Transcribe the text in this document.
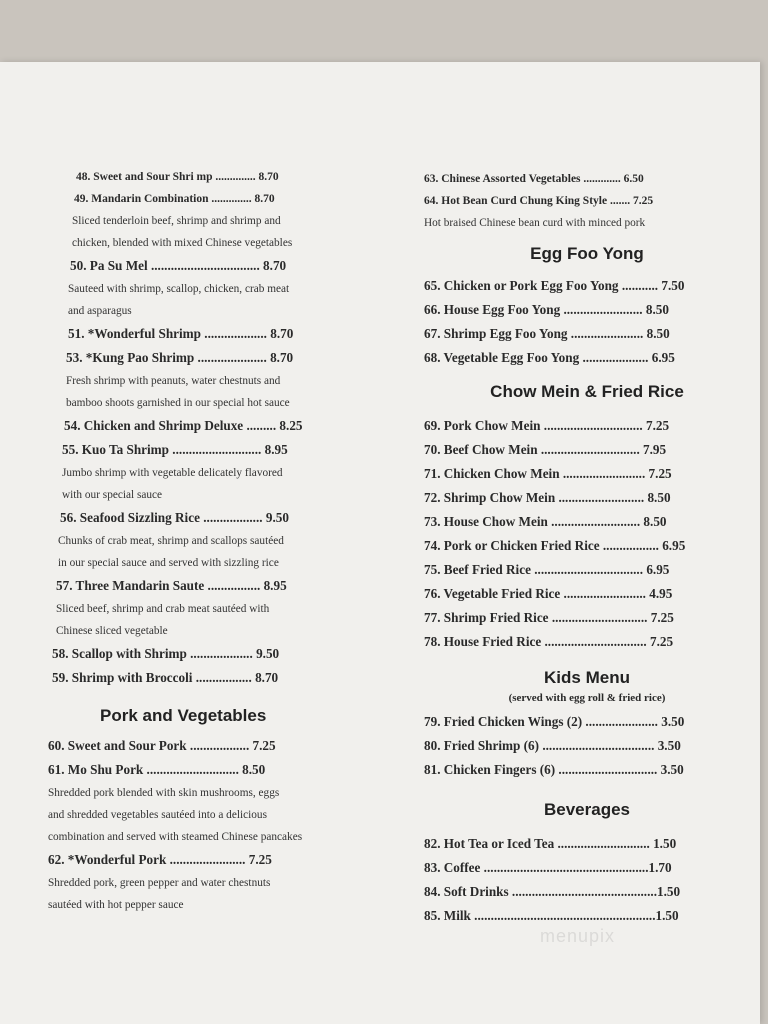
48. Sweet and Sour Shri mp .............. 8.70
49. Mandarin Combination .............. 8.70
Sliced tenderloin beef, shrimp and shrimp and
chicken, blended with mixed Chinese vegetables
50. Pa Su Mel ................................. 8.70
Sauteed with shrimp, scallop, chicken, crab meat
and asparagus
51. *Wonderful Shrimp ................... 8.70
53. *Kung Pao Shrimp ..................... 8.70
Fresh shrimp with peanuts, water chestnuts and
bamboo shoots garnished in our special hot sauce
54. Chicken and Shrimp Deluxe ......... 8.25
55. Kuo Ta Shrimp ........................... 8.95
Jumbo shrimp with vegetable delicately flavored
with our special sauce
56. Seafood Sizzling Rice .................. 9.50
Chunks of crab meat, shrimp and scallops sautéed
in our special sauce and served with sizzling rice
57. Three Mandarin Saute ................ 8.95
Sliced beef, shrimp and crab meat sautéed with
Chinese sliced vegetable
58. Scallop with Shrimp ................... 9.50
59. Shrimp with Broccoli ................. 8.70
Pork and Vegetables
60. Sweet and Sour Pork .................. 7.25
61. Mo Shu Pork ............................ 8.50
Shredded pork blended with skin mushrooms, eggs
and shredded vegetables sautéed into a delicious
combination and served with steamed Chinese pancakes
62. *Wonderful Pork ....................... 7.25
Shredded pork, green pepper and water chestnuts
sautéed with hot pepper sauce
63. Chinese Assorted Vegetables ............. 6.50
64. Hot Bean Curd Chung King Style ....... 7.25
Hot braised Chinese bean curd with minced pork
Egg Foo Yong
65. Chicken or Pork Egg Foo Yong ........... 7.50
66. House Egg Foo Yong ........................ 8.50
67. Shrimp Egg Foo Yong ...................... 8.50
68. Vegetable Egg Foo Yong .................... 6.95
Chow Mein & Fried Rice
69. Pork Chow Mein .............................. 7.25
70. Beef Chow Mein .............................. 7.95
71. Chicken Chow Mein ......................... 7.25
72. Shrimp Chow Mein .......................... 8.50
73. House Chow Mein ........................... 8.50
74. Pork or Chicken Fried Rice ................. 6.95
75. Beef Fried Rice ................................. 6.95
76. Vegetable Fried Rice ......................... 4.95
77. Shrimp Fried Rice ............................. 7.25
78. House Fried Rice ............................... 7.25
Kids Menu
(served with egg roll & fried rice)
79. Fried Chicken Wings (2) ...................... 3.50
80. Fried Shrimp (6) .................................. 3.50
81. Chicken Fingers (6) .............................. 3.50
Beverages
82. Hot Tea or Iced Tea ............................ 1.50
83. Coffee ..................................................1.70
84. Soft Drinks ............................................1.50
85. Milk .......................................................1.50
menupix
